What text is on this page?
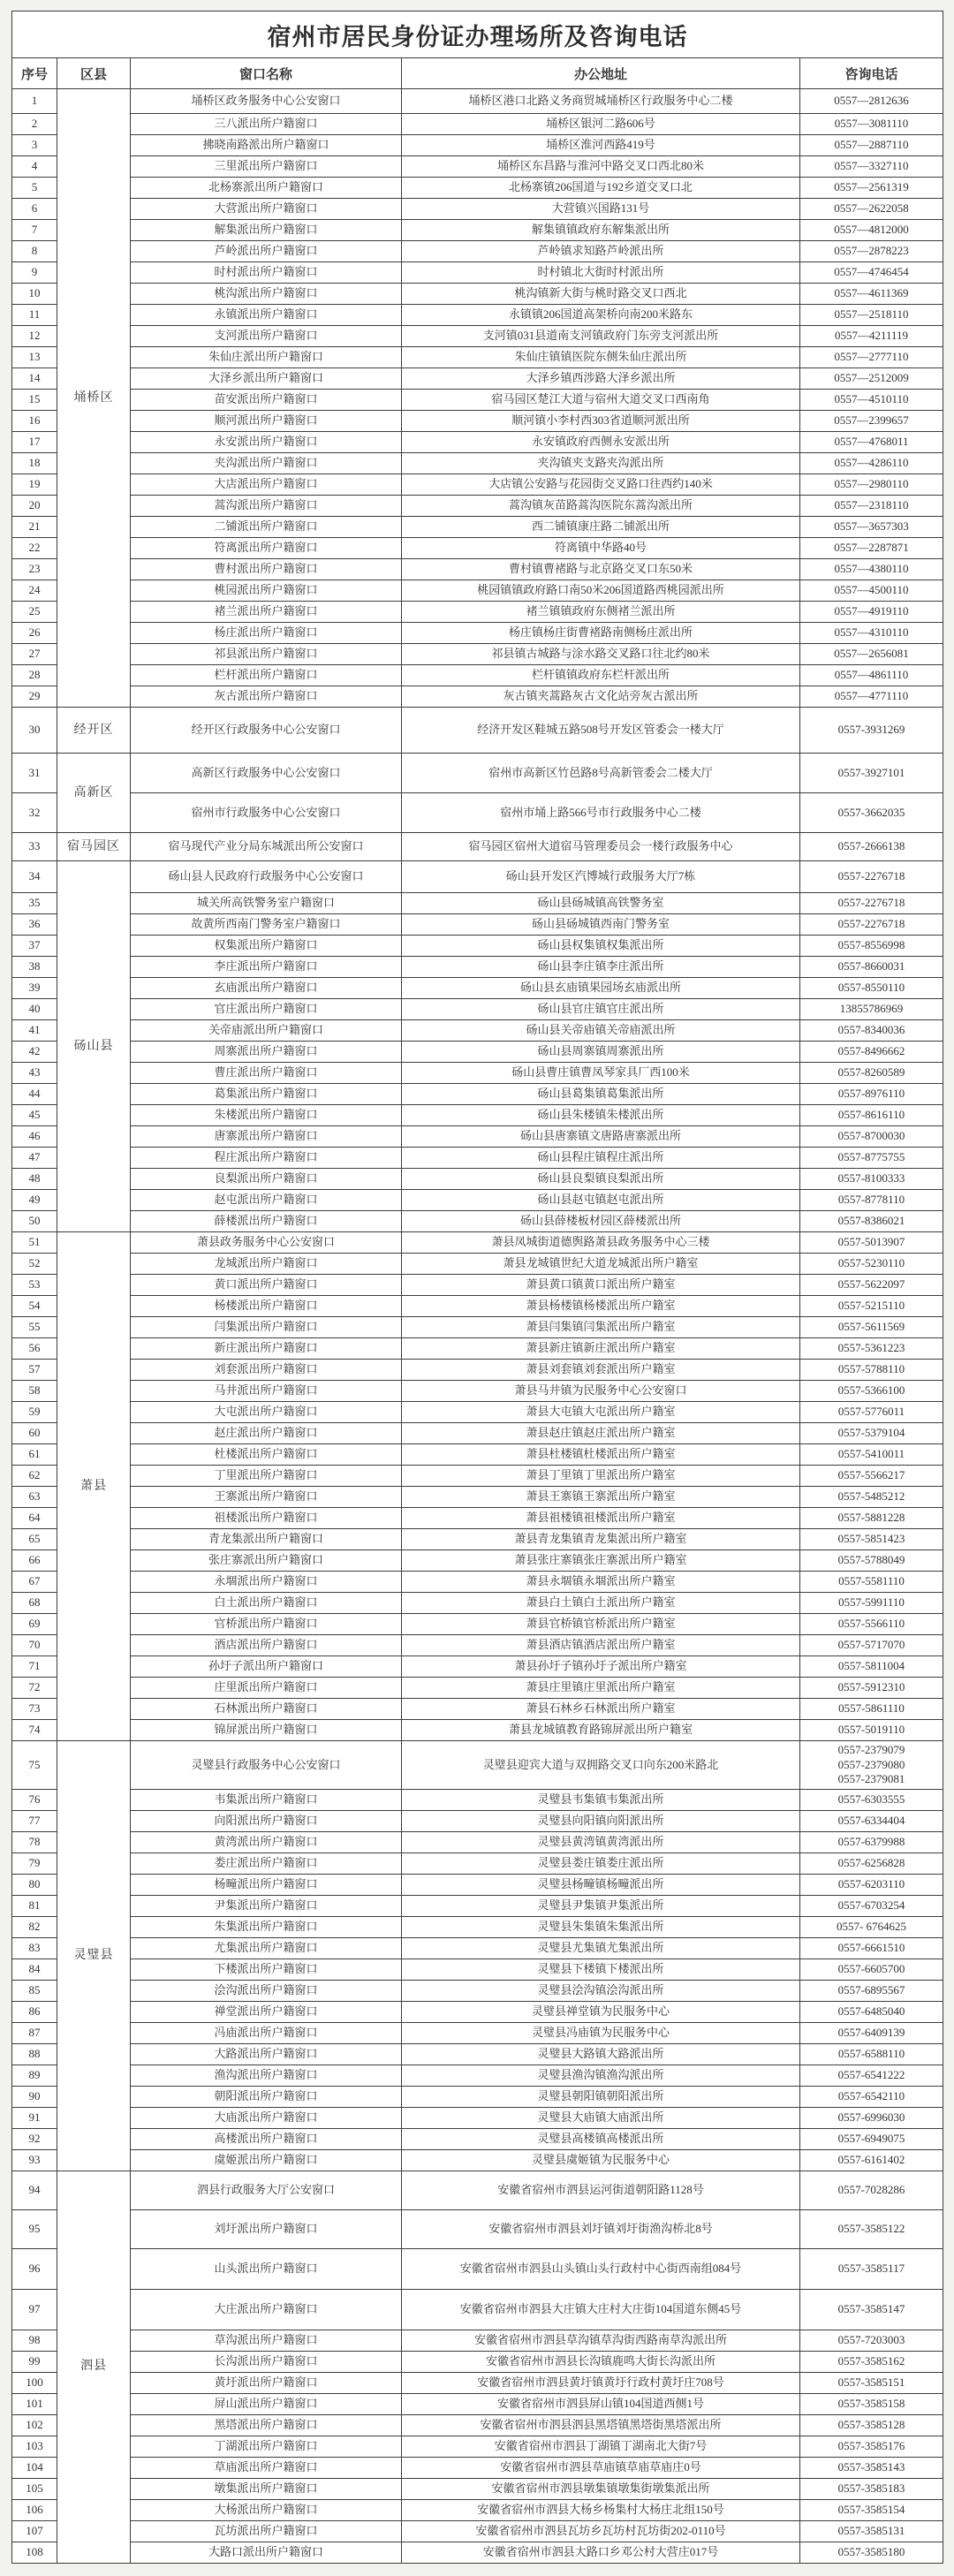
宿州市居民身份证办理场所及咨询电话				
序号	区县	窗口名称	办公地址	咨询电话
1	埇桥区	埇桥区政务服务中心公安窗口	埇桥区港口北路义务商贸城埇桥区行政服务中心二楼	0557—2812636

2		三八派出所户籍窗口	埇桥区银河二路606号	0557—3081110

3		拂晓南路派出所户籍窗口	埇桥区淮河西路419号	0557—2887110

4		三里派出所户籍窗口	埇桥区东昌路与淮河中路交叉口西北80米	0557—3327110

5		北杨寨派出所户籍窗口	北杨寨镇206国道与192乡道交叉口北	0557—2561319

6		大营派出所户籍窗口	大营镇兴国路131号	0557—2622058

7		解集派出所户籍窗口	解集镇镇政府东解集派出所	0557—4812000

8		芦岭派出所户籍窗口	芦岭镇求知路芦岭派出所	0557—2878223

9		时村派出所户籍窗口	时村镇北大街时村派出所	0557—4746454

10		桃沟派出所户籍窗口	桃沟镇新大街与桃时路交叉口西北	0557—4611369

11		永镇派出所户籍窗口	永镇镇206国道高架桥向南200米路东	0557—2518110

12		支河派出所户籍窗口	支河镇031县道南支河镇政府门东旁支河派出所	0557—4211119

13		朱仙庄派出所户籍窗口	朱仙庄镇镇医院东侧朱仙庄派出所	0557—2777110

14		大泽乡派出所户籍窗口	大泽乡镇西涉路大泽乡派出所	0557—2512009

15		苗安派出所户籍窗口	宿马园区楚江大道与宿州大道交叉口西南角	0557—4510110

16		顺河派出所户籍窗口	顺河镇小李村西303省道顺河派出所	0557—2399657

17		永安派出所户籍窗口	永安镇政府西侧永安派出所	0557—4768011

18		夹沟派出所户籍窗口	夹沟镇夹支路夹沟派出所	0557—4286110

19		大店派出所户籍窗口	大店镇公安路与花园街交叉路口往西约140米	0557—2980110

20		蒿沟派出所户籍窗口	蒿沟镇灰苗路蒿沟医院东蒿沟派出所	0557—2318110

21		二铺派出所户籍窗口	西二铺镇康庄路二铺派出所	0557—3657303

22		符离派出所户籍窗口	符离镇中华路40号	0557—2287871

23		曹村派出所户籍窗口	曹村镇曹褚路与北京路交叉口东50米	0557—4380110

24		桃园派出所户籍窗口	桃园镇镇政府路口南50米206国道路西桃园派出所	0557—4500110

25		褚兰派出所户籍窗口	褚兰镇镇政府东侧褚兰派出所	0557—4919110

26		杨庄派出所户籍窗口	杨庄镇杨庄街曹褚路南侧杨庄派出所	0557—4310110

27		祁县派出所户籍窗口	祁县镇古城路与涂水路交叉路口往北约80米	0557—2656081

28		栏杆派出所户籍窗口	栏杆镇镇政府东栏杆派出所	0557—4861110

29		灰古派出所户籍窗口	灰古镇夹蒿路灰古文化站旁灰古派出所	0557—4771110

30	经开区	经开区行政服务中心公安窗口	经济开发区鞋城五路508号开发区管委会一楼大厅	0557-3931269

31	高新区	高新区行政服务中心公安窗口	宿州市高新区竹邑路8号高新管委会二楼大厅	0557-3927101

32		宿州市行政服务中心公安窗口	宿州市埇上路566号市行政服务中心二楼	0557-3662035

33	宿马园区	宿马现代产业分局东城派出所公安窗口	宿马园区宿州大道宿马管理委员会一楼行政服务中心	0557-2666138

34	砀山县	砀山县人民政府行政服务中心公安窗口	砀山县开发区汽博城行政服务大厅7栋	0557-2276718

35		城关所高铁警务室户籍窗口	砀山县砀城镇高铁警务室	0557-2276718

36		故黄所西南门警务室户籍窗口	砀山县砀城镇西南门警务室	0557-2276718

37		权集派出所户籍窗口	砀山县权集镇权集派出所	0557-8556998

38		李庄派出所户籍窗口	砀山县李庄镇李庄派出所	0557-8660031

39		玄庙派出所户籍窗口	砀山县玄庙镇果园场玄庙派出所	0557-8550110

40		官庄派出所户籍窗口	砀山县官庄镇官庄派出所	13855786969

41		关帝庙派出所户籍窗口	砀山县关帝庙镇关帝庙派出所	0557-8340036

42		周寨派出所户籍窗口	砀山县周寨镇周寨派出所	0557-8496662

43		曹庄派出所户籍窗口	砀山县曹庄镇曹凤琴家具厂西100米	0557-8260589

44		葛集派出所户籍窗口	砀山县葛集镇葛集派出所	0557-8976110

45		朱楼派出所户籍窗口	砀山县朱楼镇朱楼派出所	0557-8616110

46		唐寨派出所户籍窗口	砀山县唐寨镇文唐路唐寨派出所	0557-8700030

47		程庄派出所户籍窗口	砀山县程庄镇程庄派出所	0557-8775755

48		良梨派出所户籍窗口	砀山县良梨镇良梨派出所	0557-8100333

49		赵屯派出所户籍窗口	砀山县赵屯镇赵屯派出所	0557-8778110

50		薛楼派出所户籍窗口	砀山县薛楼板材园区薛楼派出所	0557-8386021

51	萧县	萧县政务服务中心公安窗口	萧县凤城街道德舆路萧县政务服务中心三楼	0557-5013907

52		龙城派出所户籍窗口	萧县龙城镇世纪大道龙城派出所户籍室	0557-5230110

53		黄口派出所户籍窗口	萧县黄口镇黄口派出所户籍室	0557-5622097

54		杨楼派出所户籍窗口	萧县杨楼镇杨楼派出所户籍室	0557-5215110

55		闫集派出所户籍窗口	萧县闫集镇闫集派出所户籍室	0557-5611569

56		新庄派出所户籍窗口	萧县新庄镇新庄派出所户籍室	0557-5361223

57		刘套派出所户籍窗口	萧县刘套镇刘套派出所户籍室	0557-5788110

58		马井派出所户籍窗口	萧县马井镇为民服务中心公安窗口	0557-5366100

59		大屯派出所户籍窗口	萧县大屯镇大屯派出所户籍室	0557-5776011

60		赵庄派出所户籍窗口	萧县赵庄镇赵庄派出所户籍室	0557-5379104

61		杜楼派出所户籍窗口	萧县杜楼镇杜楼派出所户籍室	0557-5410011

62		丁里派出所户籍窗口	萧县丁里镇丁里派出所户籍室	0557-5566217

63		王寨派出所户籍窗口	萧县王寨镇王寨派出所户籍室	0557-5485212

64		祖楼派出所户籍窗口	萧县祖楼镇祖楼派出所户籍室	0557-5881228

65		青龙集派出所户籍窗口	萧县青龙集镇青龙集派出所户籍室	0557-5851423

66		张庄寨派出所户籍窗口	萧县张庄寨镇张庄寨派出所户籍室	0557-5788049

67		永堌派出所户籍窗口	萧县永堌镇永堌派出所户籍室	0557-5581110

68		白土派出所户籍窗口	萧县白土镇白土派出所户籍室	0557-5991110

69		官桥派出所户籍窗口	萧县官桥镇官桥派出所户籍室	0557-5566110

70		酒店派出所户籍窗口	萧县酒店镇酒店派出所户籍室	0557-5717070

71		孙圩子派出所户籍窗口	萧县孙圩子镇孙圩子派出所户籍室	0557-5811004

72		庄里派出所户籍窗口	萧县庄里镇庄里派出所户籍室	0557-5912310

73		石林派出所户籍窗口	萧县石林乡石林派出所户籍室	0557-5861110

74		锦屏派出所户籍窗口	萧县龙城镇教育路锦屏派出所户籍室	0557-5019110

75	灵璧县	灵璧县行政服务中心公安窗口	灵璧县迎宾大道与双拥路交叉口向东200米路北	0557-2379079
0557-2379080
0557-2379081

76		韦集派出所户籍窗口	灵璧县韦集镇韦集派出所	0557-6303555

77		向阳派出所户籍窗口	灵璧县向阳镇向阳派出所	0557-6334404

78		黄湾派出所户籍窗口	灵璧县黄湾镇黄湾派出所	0557-6379988

79		娄庄派出所户籍窗口	灵璧县娄庄镇娄庄派出所	0557-6256828

80		杨疃派出所户籍窗口	灵璧县杨疃镇杨疃派出所	0557-6203110

81		尹集派出所户籍窗口	灵璧县尹集镇尹集派出所	0557-6703254

82		朱集派出所户籍窗口	灵璧县朱集镇朱集派出所	0557- 6764625

83		尤集派出所户籍窗口	灵璧县尤集镇尤集派出所	0557-6661510

84		下楼派出所户籍窗口	灵璧县下楼镇下楼派出所	0557-6605700

85		浍沟派出所户籍窗口	灵璧县浍沟镇浍沟派出所	0557-6895567

86		禅堂派出所户籍窗口	灵璧县禅堂镇为民服务中心	0557-6485040

87		冯庙派出所户籍窗口	灵璧县冯庙镇为民服务中心	0557-6409139

88		大路派出所户籍窗口	灵璧县大路镇大路派出所	0557-6588110

89		渔沟派出所户籍窗口	灵璧县渔沟镇渔沟派出所	0557-6541222

90		朝阳派出所户籍窗口	灵璧县朝阳镇朝阳派出所	0557-6542110

91		大庙派出所户籍窗口	灵璧县大庙镇大庙派出所	0557-6996030

92		高楼派出所户籍窗口	灵璧县高楼镇高楼派出所	0557-6949075

93		虞姬派出所户籍窗口	灵璧县虞姬镇为民服务中心	0557-6161402

94	泗县	泗县行政服务大厅公安窗口	安徽省宿州市泗县运河街道朝阳路1128号	0557-7028286

95		刘圩派出所户籍窗口	安徽省宿州市泗县刘圩镇刘圩街渔沟桥北8号	0557-3585122

96		山头派出所户籍窗口	安徽省宿州市泗县山头镇山头行政村中心街西南组084号	0557-3585117

97		大庄派出所户籍窗口	安徽省宿州市泗县大庄镇大庄村大庄街104国道东侧45号	0557-3585147

98		草沟派出所户籍窗口	安徽省宿州市泗县草沟镇草沟街西路南草沟派出所	0557-7203003

99		长沟派出所户籍窗口	安徽省宿州市泗县长沟镇鹿鸣大街长沟派出所	0557-3585162

100		黄圩派出所户籍窗口	安徽省宿州市泗县黄圩镇黄圩行政村黄圩庄708号	0557-3585151

101		屏山派出所户籍窗口	安徽省宿州市泗县屏山镇104国道西侧1号	0557-3585158

102		黑塔派出所户籍窗口	安徽省宿州市泗县泗县黑塔镇黑塔街黑塔派出所	0557-3585128

103		丁湖派出所户籍窗口	安徽省宿州市泗县丁湖镇丁湖南北大街7号	0557-3585176

104		草庙派出所户籍窗口	安徽省宿州市泗县草庙镇草庙草庙庄0号	0557-3585143

105		墩集派出所户籍窗口	安徽省宿州市泗县墩集镇墩集街墩集派出所	0557-3585183

106		大杨派出所户籍窗口	安徽省宿州市泗县大杨乡杨集村大杨庄北组150号	0557-3585154

107		瓦坊派出所户籍窗口	安徽省宿州市泗县瓦坊乡瓦坊村瓦坊街202-0110号	0557-3585131

108		大路口派出所户籍窗口	安徽省宿州市泗县大路口乡邓公村大营庄017号	0557-3585180
